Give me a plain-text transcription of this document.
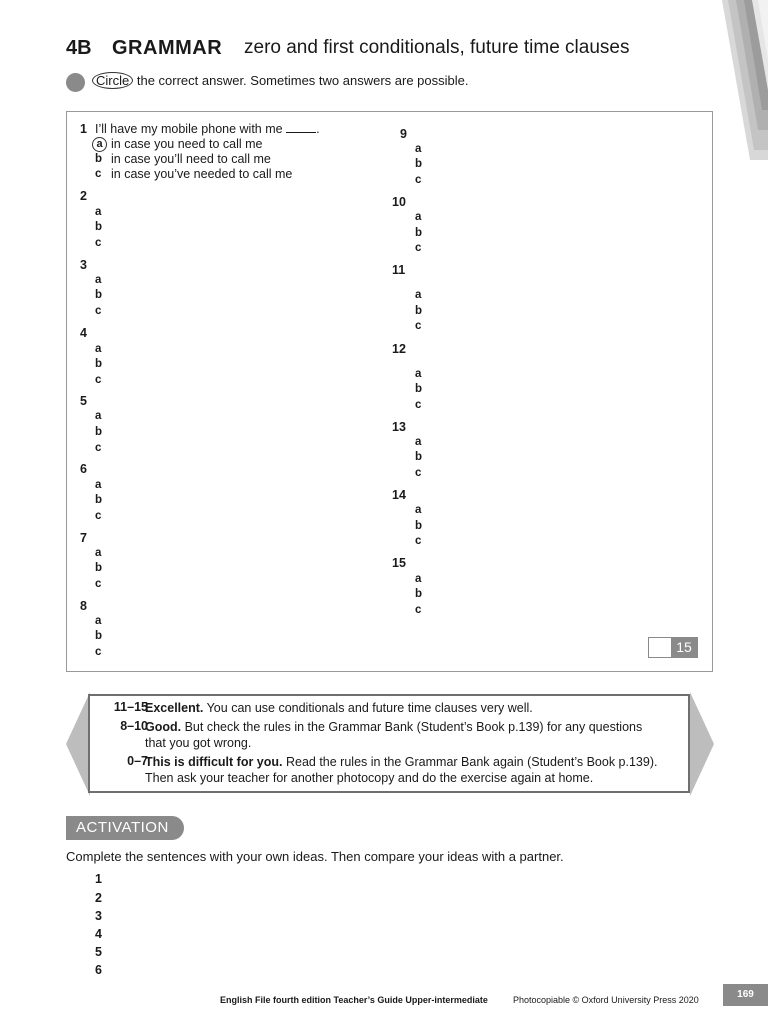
4B GRAMMAR zero and first conditionals, future time clauses
Circle the correct answer. Sometimes two answers are possible.
1 I’ll have my mobile phone with me .
a in case you need to call me
b in case you’ll need to call me
c in case you’ve needed to call me
2
a
b
c
3
a
b
c
4
a
b
c
5
a
b
c
6
a
b
c
7
a
b
c
8
a
b
c
9
a
b
c
10
a
b
c
11
a
b
c
12
a
b
c
13
a
b
c
14
a
b
c
15
a
b
c
15
11–15
Excellent. You can use conditionals and future time clauses very well.
8–10
Good. But check the rules in the Grammar Bank (Student’s Book p.139) for any questions that you got wrong.
0–7
This is difficult for you. Read the rules in the Grammar Bank again (Student’s Book p.139). Then ask your teacher for another photocopy and do the exercise again at home.
ACTIVATION
Complete the sentences with your own ideas. Then compare your ideas with a partner.
1
2
3
4
5
6
English File fourth edition Teacher’s Guide Upper-intermediate	Photocopiable © Oxford University Press 2020	169
